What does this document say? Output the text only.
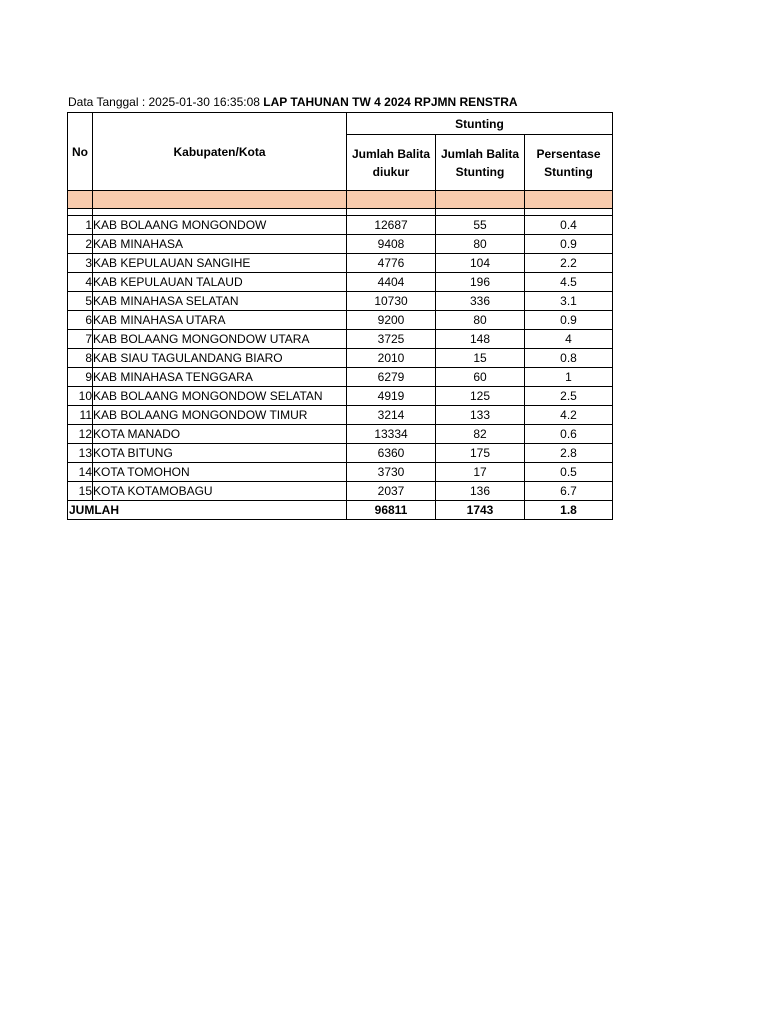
Data Tanggal : 2025-01-30 16:35:08 LAP TAHUNAN TW 4 2024 RPJMN RENSTRA
No	Kabupaten/Kota	Stunting		
		Jumlah Balita diukur	Jumlah Balita Stunting	Persentase Stunting

1	KAB BOLAANG MONGONDOW	12687	55	0.4
2	KAB MINAHASA	9408	80	0.9
3	KAB KEPULAUAN SANGIHE	4776	104	2.2
4	KAB KEPULAUAN TALAUD	4404	196	4.5
5	KAB MINAHASA SELATAN	10730	336	3.1
6	KAB MINAHASA UTARA	9200	80	0.9
7	KAB BOLAANG MONGONDOW UTARA	3725	148	4
8	KAB SIAU TAGULANDANG BIARO	2010	15	0.8
9	KAB MINAHASA TENGGARA	6279	60	1
10	KAB BOLAANG MONGONDOW SELATAN	4919	125	2.5
11	KAB BOLAANG MONGONDOW TIMUR	3214	133	4.2
12	KOTA MANADO	13334	82	0.6
13	KOTA BITUNG	6360	175	2.8
14	KOTA TOMOHON	3730	17	0.5
15	KOTA KOTAMOBAGU	2037	136	6.7
JUMLAH		96811	1743	1.8
